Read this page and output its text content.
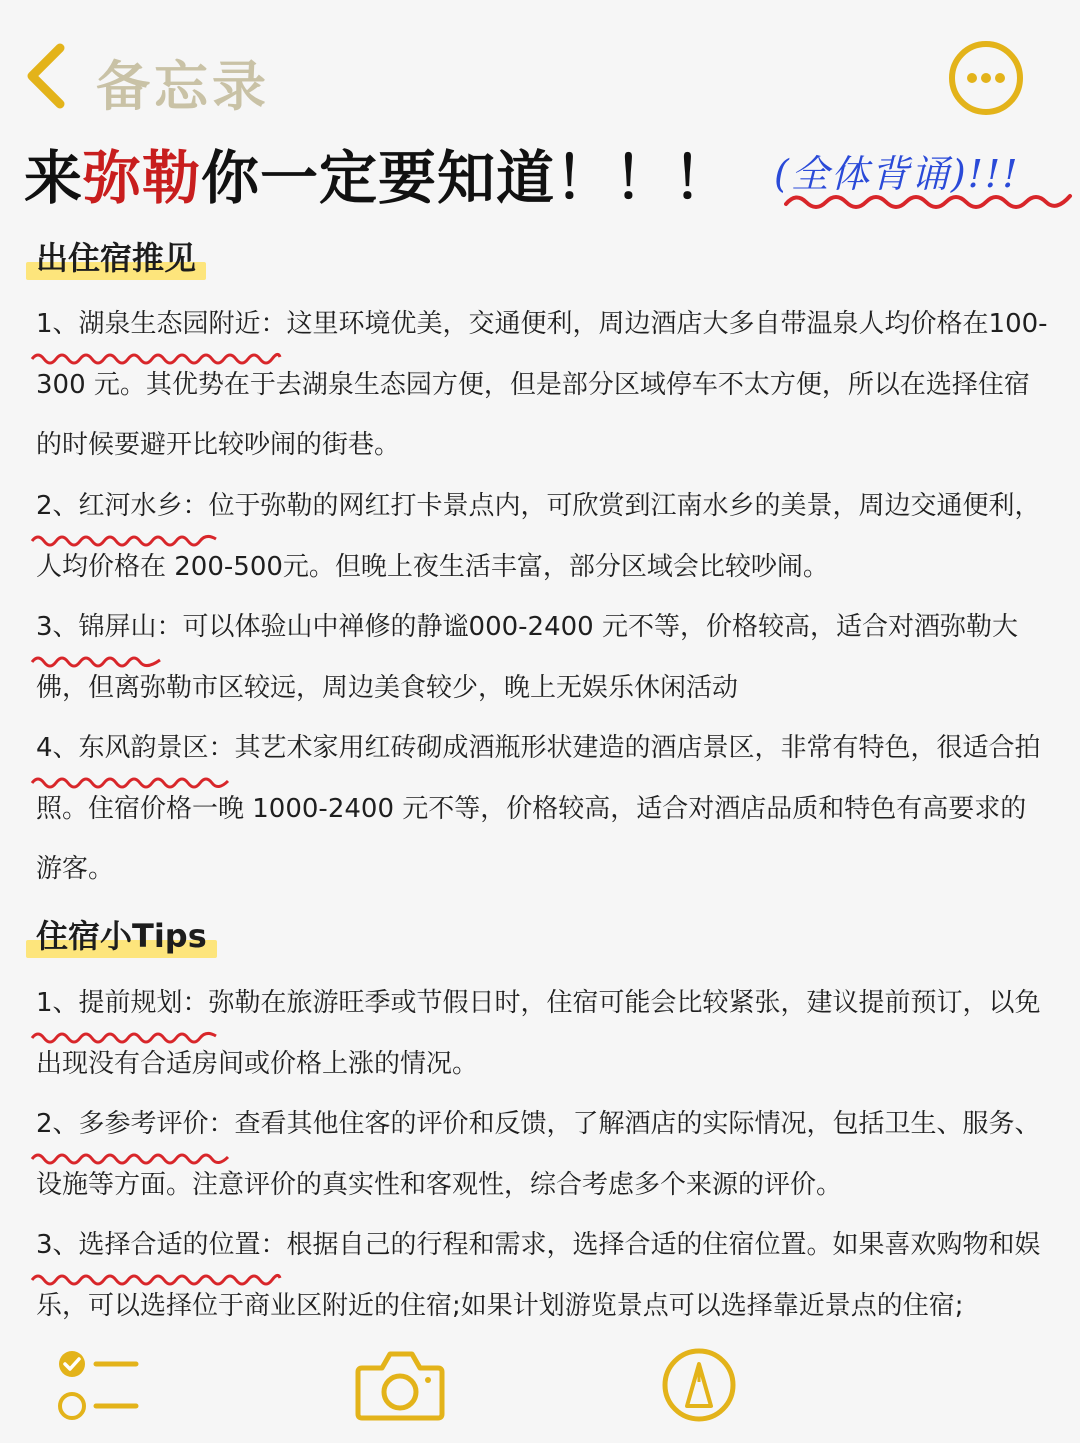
备忘录
来弥勒你一定要知道！！！ (全体背诵)!!!
出住宿推见
1、湖泉生态园附近：
这里环境优美，交通便利，周边酒店大多自带温泉人均价格在100-300 元。其优势在于去湖泉生态园方便，但是部分区域停车不太方便，所以在选择住宿的时候要避开比较吵闹的街巷。
2、红河水乡：
位于弥勒的网红打卡景点内，可欣赏到江南水乡的美景，周边交通便利，人均价格在 200-500元。但晚上夜生活丰富，部分区域会比较吵闹。
3、锦屏山
：可以体验山中禅修的静谧000-2400 元不等，价格较高，适合对酒弥勒大佛，但离弥勒市区较远，周边美食较少，晚上无娱乐休闲活动
4、东风韵景区：
其艺术家用红砖砌成酒瓶形状建造的酒店景区，非常有特色，很适合拍照。住宿价格一晚 1000-2400 元不等，价格较高，适合对酒店品质和特色有高要求的游客。
住宿小Tips
1、提前规划：
弥勒在旅游旺季或节假日时，住宿可能会比较紧张，建议提前预订，以免出现没有合适房间或价格上涨的情况。
2、多参考评价：
查看其他住客的评价和反馈，了解酒店的实际情况，包括卫生、服务、设施等方面。注意评价的真实性和客观性，综合考虑多个来源的评价。
3、选择合适的位置：
根据自己的行程和需求，选择合适的住宿位置。如果喜欢购物和娱乐，可以选择位于商业区附近的住宿;如果计划游览景点可以选择靠近景点的住宿;
